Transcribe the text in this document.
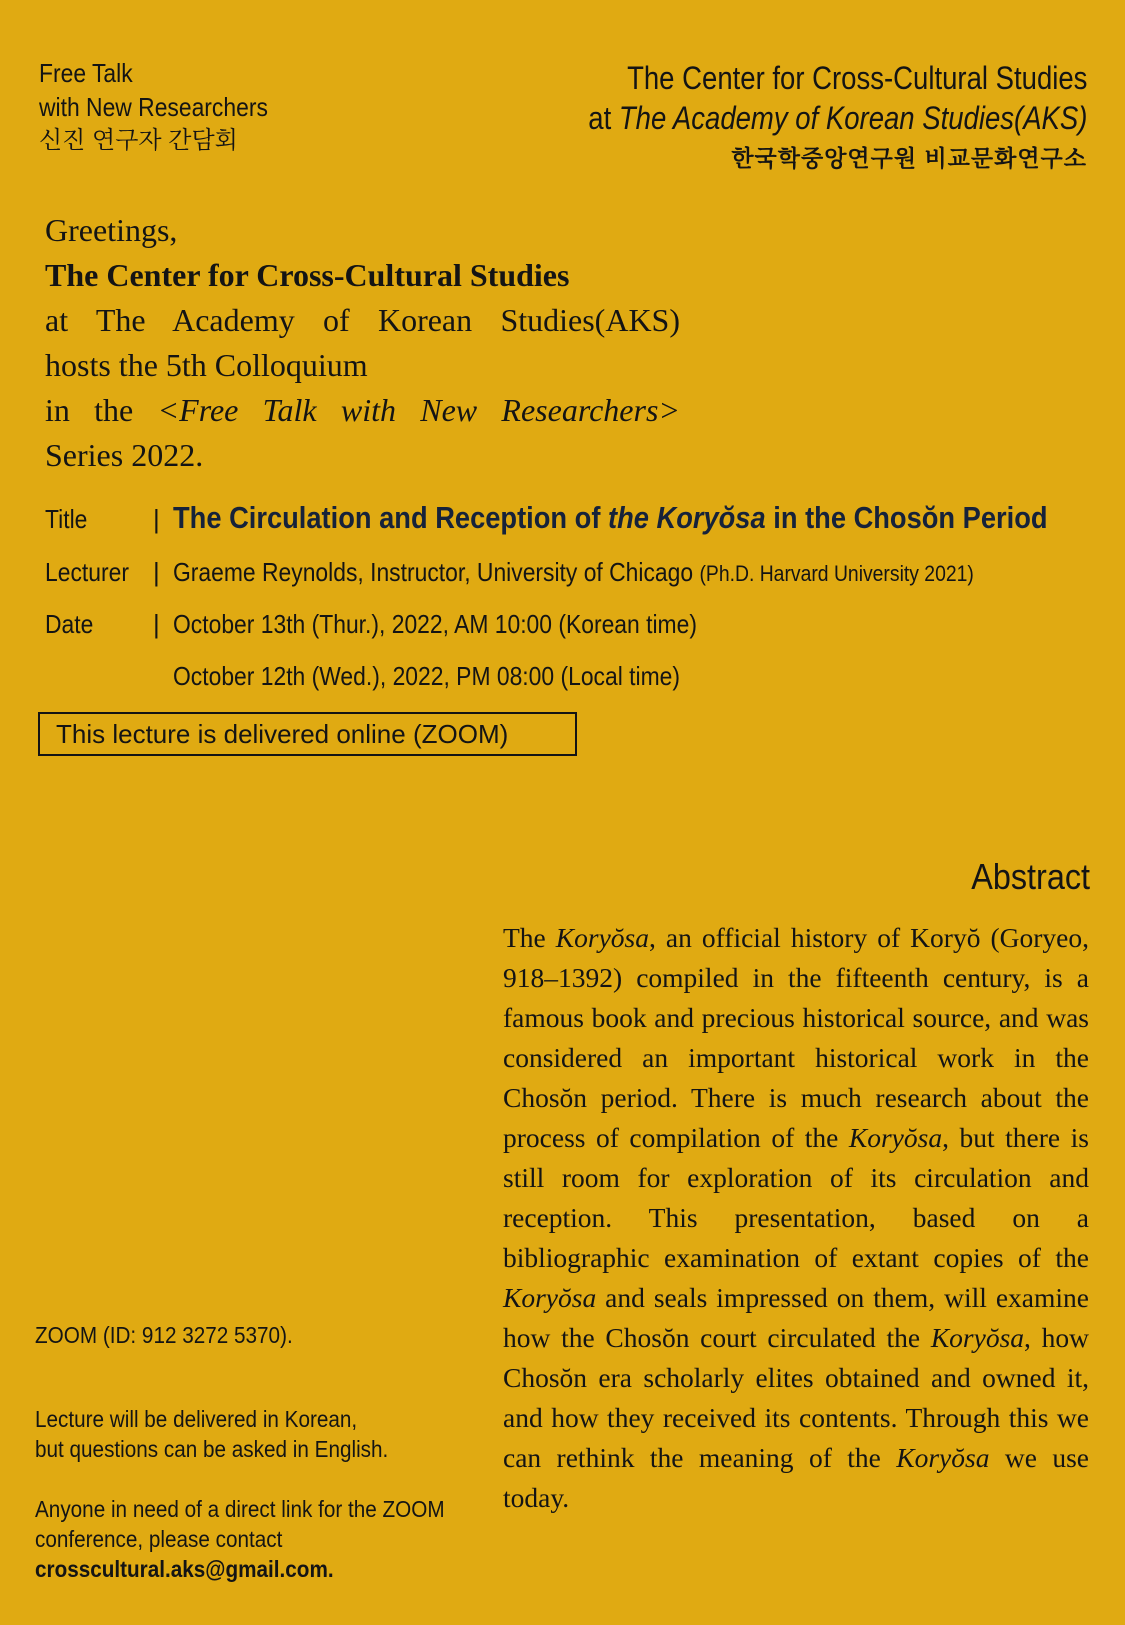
Free Talk
with New Researchers
신진 연구자 간담회
The Center for Cross-Cultural Studies
at The Academy of Korean Studies(AKS)
한국학중앙연구원 비교문화연구소
Greetings,
The Center for Cross-Cultural Studies
at The Academy of Korean Studies(AKS)
hosts the 5th Colloquium
in the <Free Talk with New Researchers>
Series 2022.
Title	| The Circulation and Reception of the Koryŏsa in the Chosŏn Period
Lecturer | Graeme Reynolds, Instructor, University of Chicago (Ph.D. Harvard University 2021)
Date | October 13th (Thur.), 2022, AM 10:00 (Korean time)
October 12th (Wed.), 2022, PM 08:00 (Local time)
This lecture is delivered online (ZOOM)
Abstract
The Koryŏsa, an official history of Koryŏ (Goryeo, 918–1392) compiled in the fifteenth century, is a famous book and precious historical source, and was considered an important historical work in the Chosŏn period. There is much research about the process of compilation of the Koryŏsa, but there is still room for exploration of its circulation and reception. This presentation, based on a bibliographic examination of extant copies of the Koryŏsa and seals impressed on them, will examine how the Chosŏn court circulated the Koryŏsa, how Chosŏn era scholarly elites obtained and owned it, and how they received its contents. Through this we can rethink the meaning of the Koryŏsa we use today.
ZOOM (ID: 912 3272 5370).
Lecture will be delivered in Korean,
but questions can be asked in English.
Anyone in need of a direct link for the ZOOM
conference, please contact
crosscultural.aks@gmail.com.
